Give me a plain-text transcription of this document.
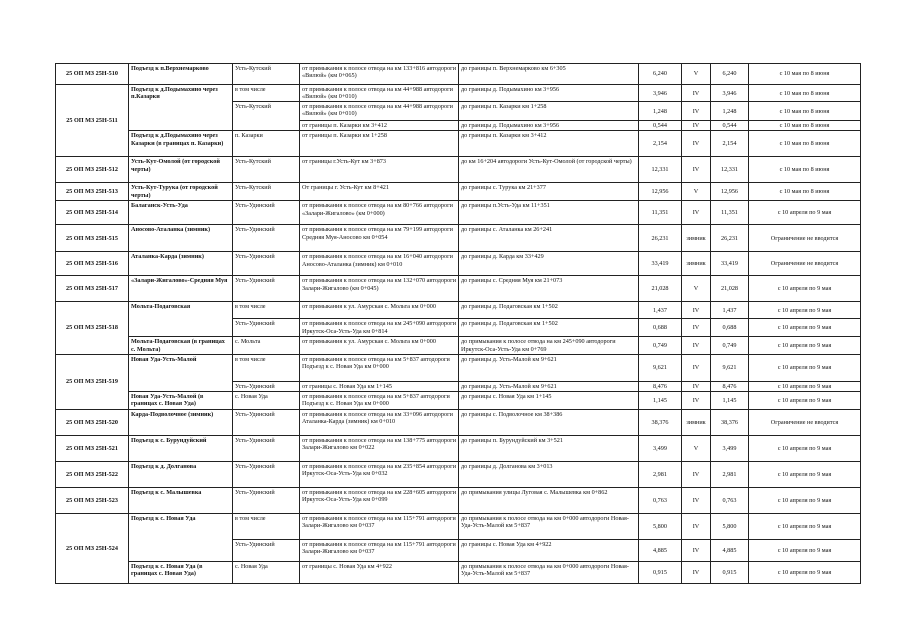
25 ОП МЗ 25Н-510	Подъезд к п.Верхнемарково	Усть-Кутский	от примыкания к полосе отвода на км 133+816 автодороги «Вилюй» (км 0+065)	до границы п. Верхнемарково км 6+305	6,240	V	6,240	с 10 мая по 8 июня
25 ОП МЗ 25Н-511	Подъезд к д.Подымахино через п.Казарки	в том числе	от примыкания к полосе отвода на км 44+988 автодороги «Вилюй» (км 0+010)	до границы д. Подымахино км 3+956	3,946	IV	3,946	с 10 мая по 8 июня
		Усть-Кутский	от примыкания к полосе отвода на км 44+988 автодороги «Вилюй» (км 0+010)	до границы п. Казарки км 1+258	1,248	IV	1,248	с 10 мая по 8 июня
			от границы п. Казарки км 3+412	до границы д. Подымахино км 3+956	0,544	IV	0,544	с 10 мая по 8 июня
	Подъезд к д.Подымахино через Казарки (в границах п. Казарки)	п. Казарки	от границы п. Казарки км 1+258	до границы п. Казарки км 3+412	2,154	IV	2,154	с 10 мая по 8 июня
25 ОП МЗ 25Н-512	Усть-Кут-Омолой (от городской черты)	Усть-Кутский	от границы г.Усть-Кут км 3+873	до км 16+204 автодороги Усть-Кут-Омолой (от городской черты)	12,331	IV	12,331	с 10 мая по 8 июня
25 ОП МЗ 25Н-513	Усть-Кут-Турука (от городской черты)	Усть-Кутский	От границы г. Усть-Кут км 8+421	до границы с. Турука км 21+377	12,956	V	12,956	с 10 мая по 8 июня
25 ОП МЗ 25Н-514	Балаганск-Усть-Уда	Усть-Удинский	от примыкания к полосе отвода на км 80+766 автодороги «Залари-Жигалово» (км 0+000)	до границы п.Усть-Уда км 11+351	11,351	IV	11,351	с 10 апреля по 9 мая
25 ОП МЗ 25Н-515	Аносово-Аталанка (зимник)	Усть-Удинский	от примыкания к полосе отвода на км 79+199 автодороги Средняя Муя-Аносово км 0+054	до границы с. Аталанка км 26+241	26,231	зимник	26,231	Ограничение не вводится
25 ОП МЗ 25Н-516	Аталанка-Карда (зимник)	Усть-Удинский	от примыкания к полосе отвода на км 16+040 автодороги Аносово-Аталанка (зимник) км 0+010	до границы д. Карда км 33+429	33,419	зимник	33,419	Ограничение не вводится
25 ОП МЗ 25Н-517	«Залари-Жигалово»-Средняя Муя	Усть-Удинский	от примыкания к полосе отвода на км 132+070 автодороги Залари-Жигалово (км 0+045)	до границы с. Средняя Муя км 21+073	21,028	V	21,028	с 10 апреля по 9 мая
25 ОП МЗ 25Н-518	Мольта-Подаговская	в том числе	от примыкания к ул. Амурская с. Мольта км 0+000	до границы д. Подаговская км 1+502	1,437	IV	1,437	с 10 апреля по 9 мая
		Усть-Удинский	от примыкания к полосе отвода на км 245+090 автодороги Иркутск-Оса-Усть-Уда км 0+814	до границы д. Подаговская км 1+502	0,688	IV	0,688	с 10 апреля по 9 мая
	Мольта-Подаговская (в границах с. Мольта)	с. Мольта	от примыкания к ул. Амурская с. Мольта км 0+000	до примыкания к полосе отвода на км 245+090 автодороги Иркутск-Оса-Усть-Уда км 0+769	0,749	IV	0,749	с 10 апреля по 9 мая
25 ОП МЗ 25Н-519	Новая Уда-Усть-Малой	в том числе	от примыкания к полосе отвода на км 5+837 автодороги Подъезд к с. Новая Уда км 0+000	до границы д. Усть-Малой км 9+621	9,621	IV	9,621	с 10 апреля по 9 мая
		Усть-Удинский	от границы с. Новая Уда км 1+145	до границы д. Усть-Малой км 9+621	8,476	IV	8,476	с 10 апреля по 9 мая
	Новая Уда-Усть-Малой (в границах с. Новая Уда)	с. Новая Уда	от примыкания к полосе отвода на км 5+837 автодороги Подъезд к с. Новая Уда км 0+000	до границы с. Новая Уда км 1+145	1,145	IV	1,145	с 10 апреля по 9 мая
25 ОП МЗ 25Н-520	Карда-Подволочное (зимник)	Усть-Удинский	от примыкания к полосе отвода на км 33+096 автодороги Аталанка-Карда (зимник) км 0+010	до границы с. Подволочное км 38+386	38,376	зимник	38,376	Ограничение не вводится
25 ОП МЗ 25Н-521	Подъезд к с. Бурундуйский	Усть-Удинский	от примыкания к полосе отвода на км 138+775 автодороги Залари-Жигалово км 0+022	до границы п. Бурундуйский км 3+521	3,499	V	3,499	с 10 апреля по 9 мая
25 ОП МЗ 25Н-522	Подъезд к д. Долганова	Усть-Удинский	от примыкания к полосе отвода на км 235+854 автодороги Иркутск-Оса-Усть-Уда км 0+032	до границы д. Долганова км 3+013	2,981	IV	2,981	с 10 апреля по 9 мая
25 ОП МЗ 25Н-523	Подъезд к с. Малышевка	Усть-Удинский	от примыкания к полосе отвода на км 228+605 автодороги Иркутск-Оса-Усть-Уда км 0+099	до примыкания улицы Луговая с. Малышевка км 0+862	0,763	IV	0,763	с 10 апреля по 9 мая
25 ОП МЗ 25Н-524	Подъезд к с. Новая Уда	в том числе	от примыкания к полосе отвода на км 115+791 автодороги Залари-Жигалово км 0+037	до примыкания к полосе отвода на км 0+000 автодороги Новая-Уда-Усть-Малой км 5+837	5,800	IV	5,800	с 10 апреля по 9 мая
		Усть-Удинский	от примыкания к полосе отвода на км 115+791 автодороги Залари-Жигалово км 0+037	до границы с. Новая Уда км 4+922	4,885	IV	4,885	с 10 апреля по 9 мая
	Подъезд к с. Новая Уда (в границах с. Новая Уда)	с. Новая Уда	от границы с. Новая Уда км 4+922	до примыкания к полосе отвода на км 0+000 автодороги Новая-Уда-Усть-Малой км 5+837	0,915	IV	0,915	с 10 апреля по 9 мая
